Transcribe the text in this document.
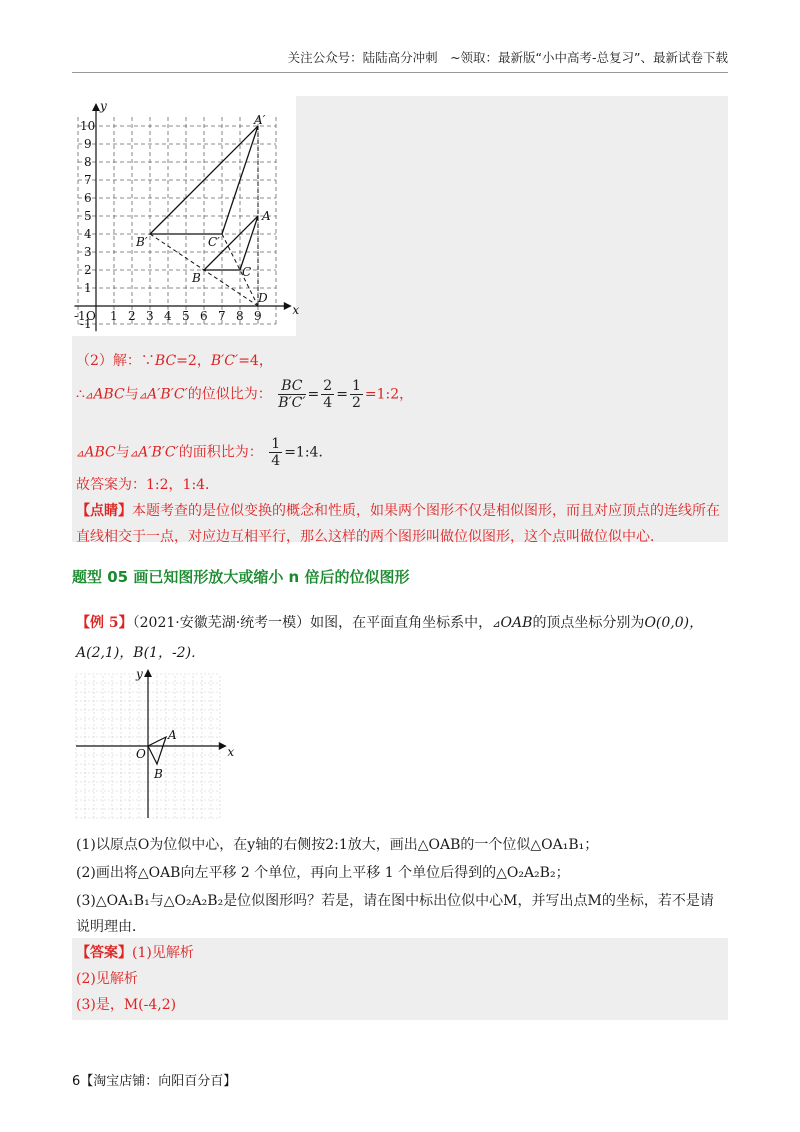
关注公众号：陆陆高分冲刺　~领取：最新版“小中高考-总复习”、最新试卷下载
-1 O 1 2 3 4 5 6 7 8 9
10
9
8
7
6
5
4
3
2
1
-1
x
y
A′
B′	C′
A
B	C
D
（2）解：∵BC=2，B′C′=4，
∴⊿ABC与⊿A′B′C′的位似比为： $\frac{BC}{B'C'} = \frac{2}{4} = \frac{1}{2}$ =1:2，
⊿ABC与⊿A′B′C′的面积比为： $\frac{1}{4}$ =1:4．
故答案为：1:2，1:4．
【点睛】本题考查的是位似变换的概念和性质，如果两个图形不仅是相似图形，而且对应顶点的连线所在
直线相交于一点，对应边互相平行，那么这样的两个图形叫做位似图形，这个点叫做位似中心．
题型 05 画已知图形放大或缩小 n 倍后的位似图形
【例 5】（2021·安徽芜湖·统考一模）如图，在平面直角坐标系中，⊿OAB的顶点坐标分别为O(0,0)，
A(2,1)，B(1，-2)．
O
A
B
x
y
(1)以原点O为位似中心，在y轴的右侧按2:1放大，画出△OAB的一个位似△OA₁B₁；
(2)画出将△OAB向左平移 2 个单位，再向上平移 1 个单位后得到的△O₂A₂B₂；
(3)△OA₁B₁与△O₂A₂B₂是位似图形吗？若是，请在图中标出位似中心M，并写出点M的坐标，若不是请
说明理由．
【答案】(1)见解析
(2)见解析
(3)是，M(-4,2)
6【淘宝店铺：向阳百分百】
